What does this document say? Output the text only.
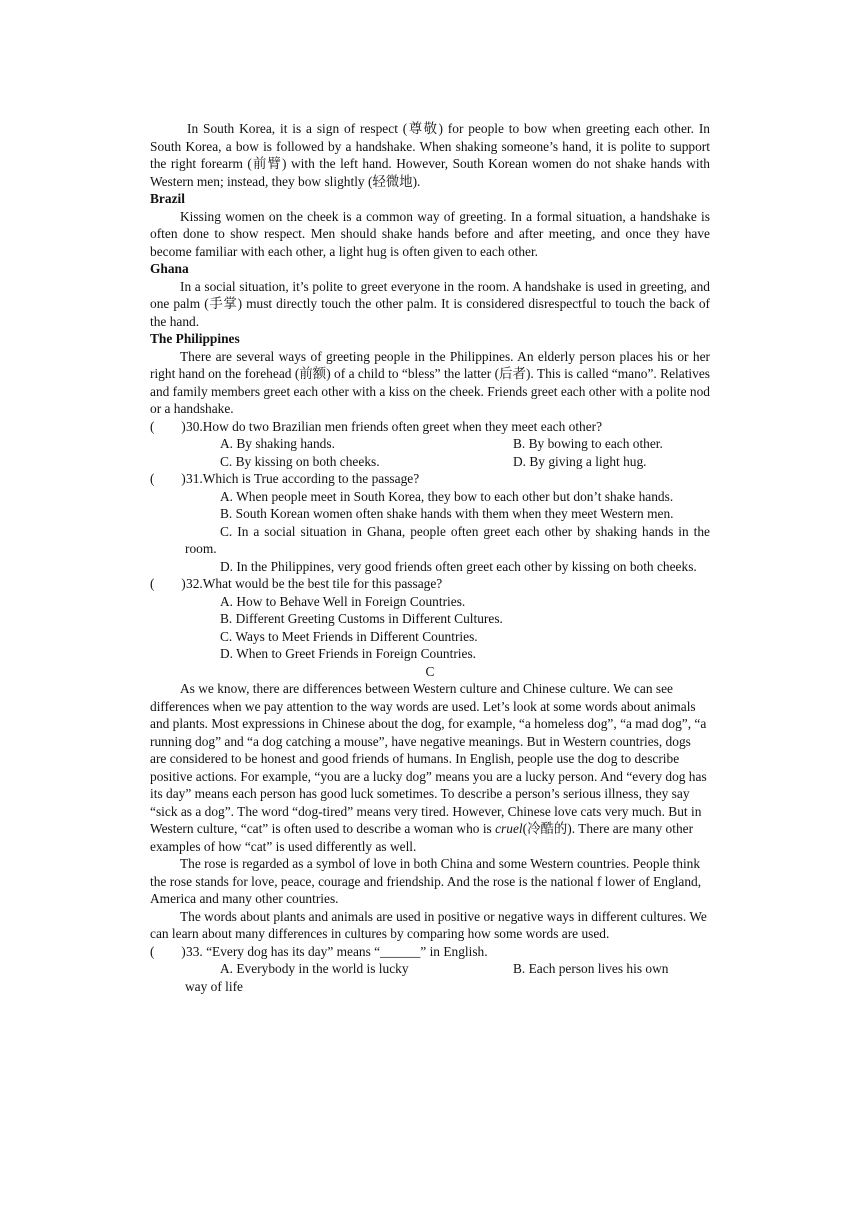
In South Korea, it is a sign of respect (尊敬) for people to bow when greeting each other. In South Korea, a bow is followed by a handshake. When shaking someone’s hand, it is polite to support the right forearm (前臂) with the left hand. However, South Korean women do not shake hands with Western men; instead, they bow slightly (轻微地).

Brazil

Kissing women on the cheek is a common way of greeting. In a formal situation, a handshake is often done to show respect. Men should shake hands before and after meeting, and once they have become familiar with each other, a light hug is often given to each other.

Ghana

In a social situation, it’s polite to greet everyone in the room. A handshake is used in greeting, and one palm (手掌) must directly touch the other palm. It is considered disrespectful to touch the back of the hand.

The Philippines

There are several ways of greeting people in the Philippines. An elderly person places his or her right hand on the forehead (前额) of a child to “bless” the latter (后者). This is called “mano”. Relatives and family members greet each other with a kiss on the cheek. Friends greet each other with a polite nod or a handshake.

(        ) 30.How do two Brazilian men friends often greet when they meet each other?
A. By shaking hands.	B. By bowing to each other.
C. By kissing on both cheeks.	D. By giving a light hug.
(        ) 31.Which is True according to the passage?

A. When people meet in South Korea, they bow to each other but don’t shake hands.

B. South Korean women often shake hands with them when they meet Western men.

C. In a social situation in Ghana, people often greet each other by shaking hands in the room.

D. In the Philippines, very good friends often greet each other by kissing on both cheeks.

(        ) 32.What would be the best tile for this passage?

A. How to Behave Well in Foreign Countries.

B. Different Greeting Customs in Different Cultures.

C. Ways to Meet Friends in Different Countries.

D. When to Greet Friends in Foreign Countries.

C

As we know, there are differences between Western culture and Chinese culture. We can see differences when we pay attention to the way words are used. Let’s look at some words about animals and plants. Most expressions in Chinese about the dog, for example, “a homeless dog”, “a mad dog”, “a running dog” and “a dog catching a mouse”, have negative meanings. But in Western countries, dogs are considered to be honest and good friends of humans. In English, people use the dog to describe positive actions. For example, “you are a lucky dog” means you are a lucky person. And “every dog has its day” means each person has good luck sometimes. To describe a person’s serious illness, they say “sick as a dog”. The word “dog-tired” means very tired. However, Chinese love cats very much. But in Western culture, “cat” is often used to describe a woman who is cruel(冷酷的). There are many other examples of how “cat” is used differently as well.

The rose is regarded as a symbol of love in both China and some Western countries. People think the rose stands for love, peace, courage and friendship. And the rose is the national f lower of England, America and many other countries.

The words about plants and animals are used in positive or negative ways in different cultures. We can learn about many differences in cultures by comparing how some words are used.

(        ) 33. “Every dog has its day” means “______” in English.
A. Everybody in the world is lucky	B. Each person lives his own

way of life
